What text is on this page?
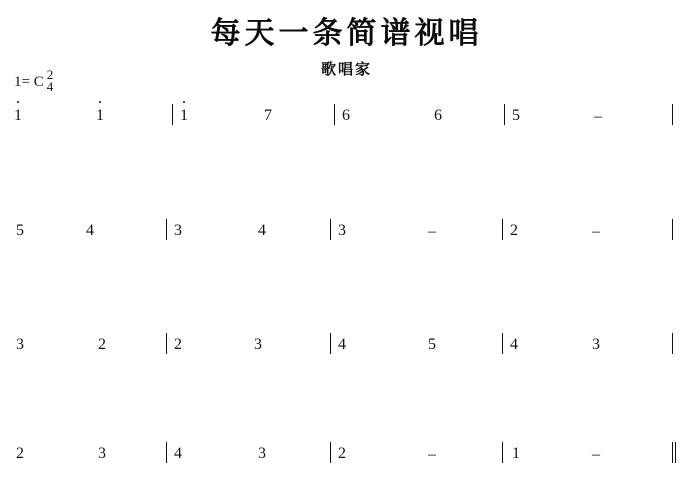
每天一条简谱视唱
歌唱家
1= C 2
4
1	1	1	7	6	6	5	–
5	4	3	4	3	–	2	–
3	2	2	3	4	5	4	3
2	3	4	3	2	–	1	–
